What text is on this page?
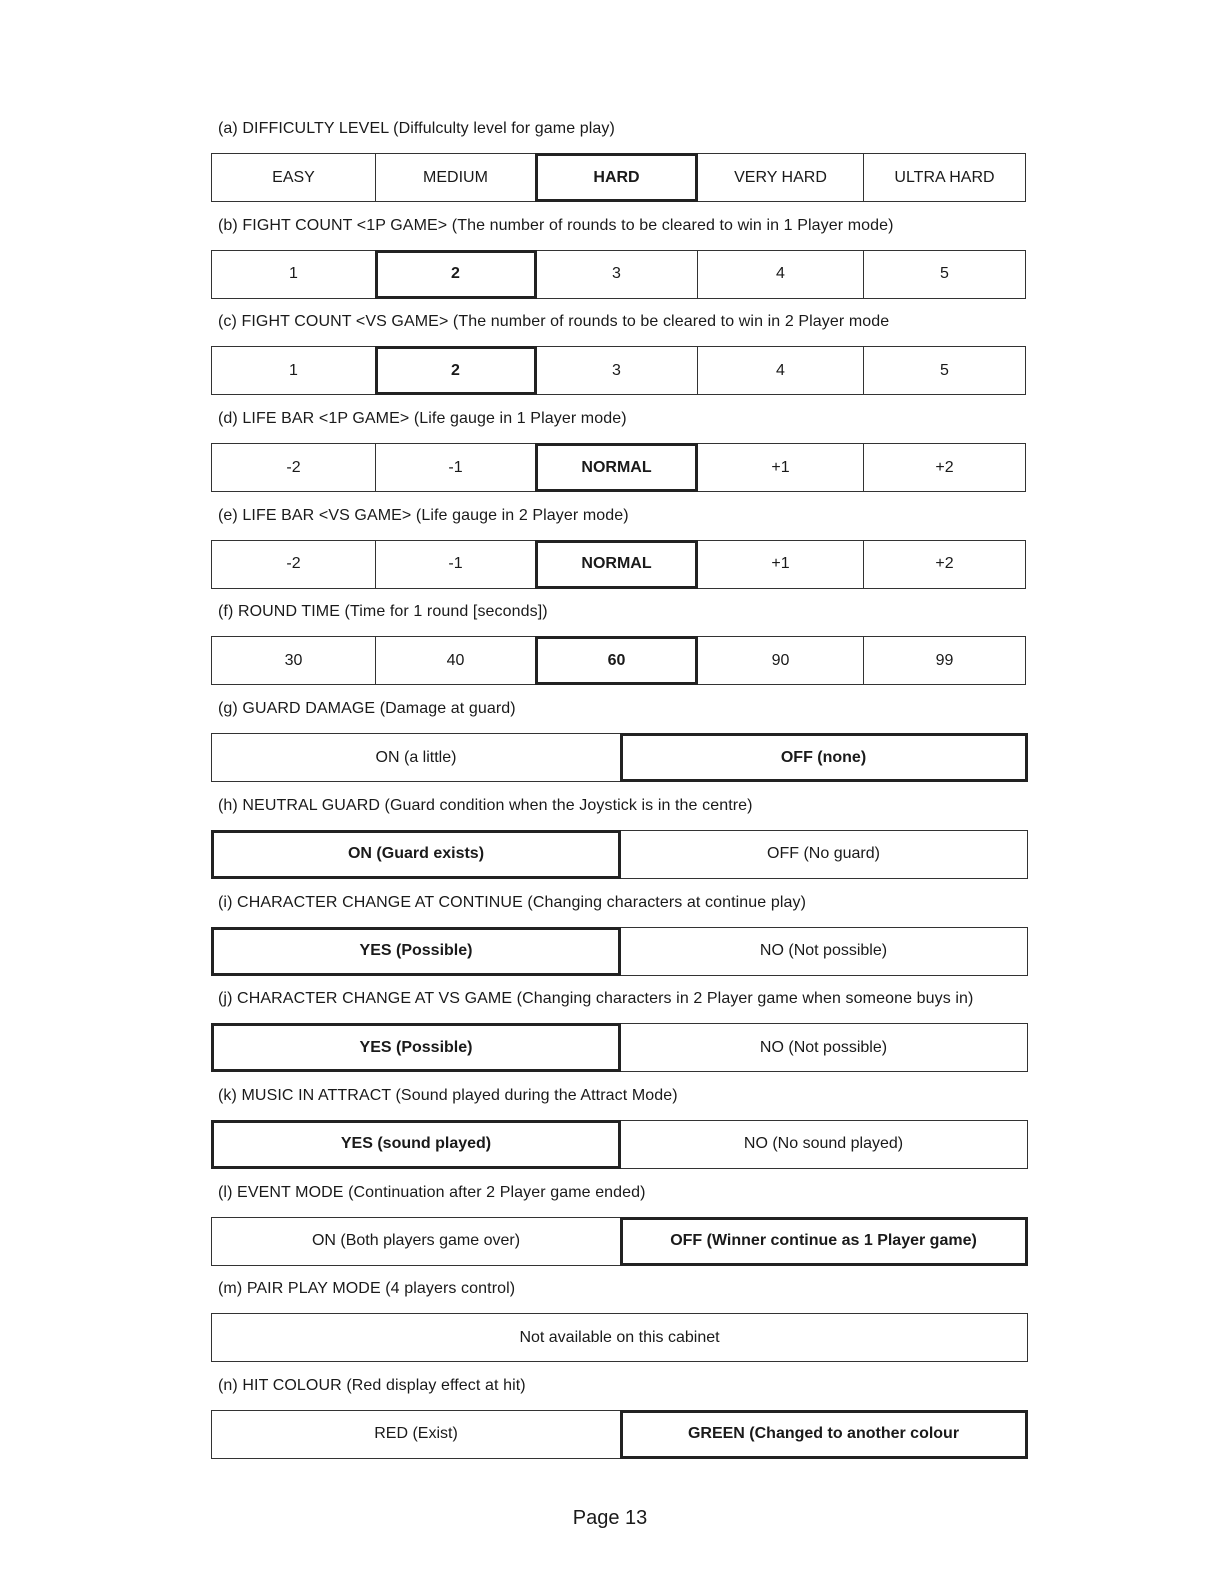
(a) DIFFICULTY LEVEL (Diffulculty level for game play)
EASY	MEDIUM	HARD	VERY HARD	ULTRA HARD
(b) FIGHT COUNT <1P GAME> (The number of rounds to be cleared to win in 1 Player mode)
1	2	3	4	5
(c) FIGHT COUNT <VS GAME> (The number of rounds to be cleared to win in 2 Player mode
1	2	3	4	5
(d) LIFE BAR <1P GAME> (Life gauge in 1 Player mode)
-2	-1	NORMAL	+1	+2
(e) LIFE BAR <VS GAME> (Life gauge in 2 Player mode)
-2	-1	NORMAL	+1	+2
(f) ROUND TIME (Time for 1 round [seconds])
30	40	60	90	99
(g) GUARD DAMAGE (Damage at guard)
ON (a little)	OFF (none)
(h) NEUTRAL GUARD (Guard condition when the Joystick is in the centre)
ON (Guard exists)	OFF (No guard)
(i) CHARACTER CHANGE AT CONTINUE (Changing characters at continue play)
YES (Possible)	NO (Not possible)
(j) CHARACTER CHANGE AT VS GAME (Changing characters in 2 Player game when someone buys in)
YES (Possible)	NO (Not possible)
(k) MUSIC IN ATTRACT (Sound played during the Attract Mode)
YES (sound played)	NO (No sound played)
(l) EVENT MODE (Continuation after 2 Player game ended)
ON (Both players game over)	OFF (Winner continue as 1 Player game)
(m) PAIR PLAY MODE (4 players control)
Not available on this cabinet
(n) HIT COLOUR (Red display effect at hit)
RED (Exist)	GREEN (Changed to another colour
Page 13
